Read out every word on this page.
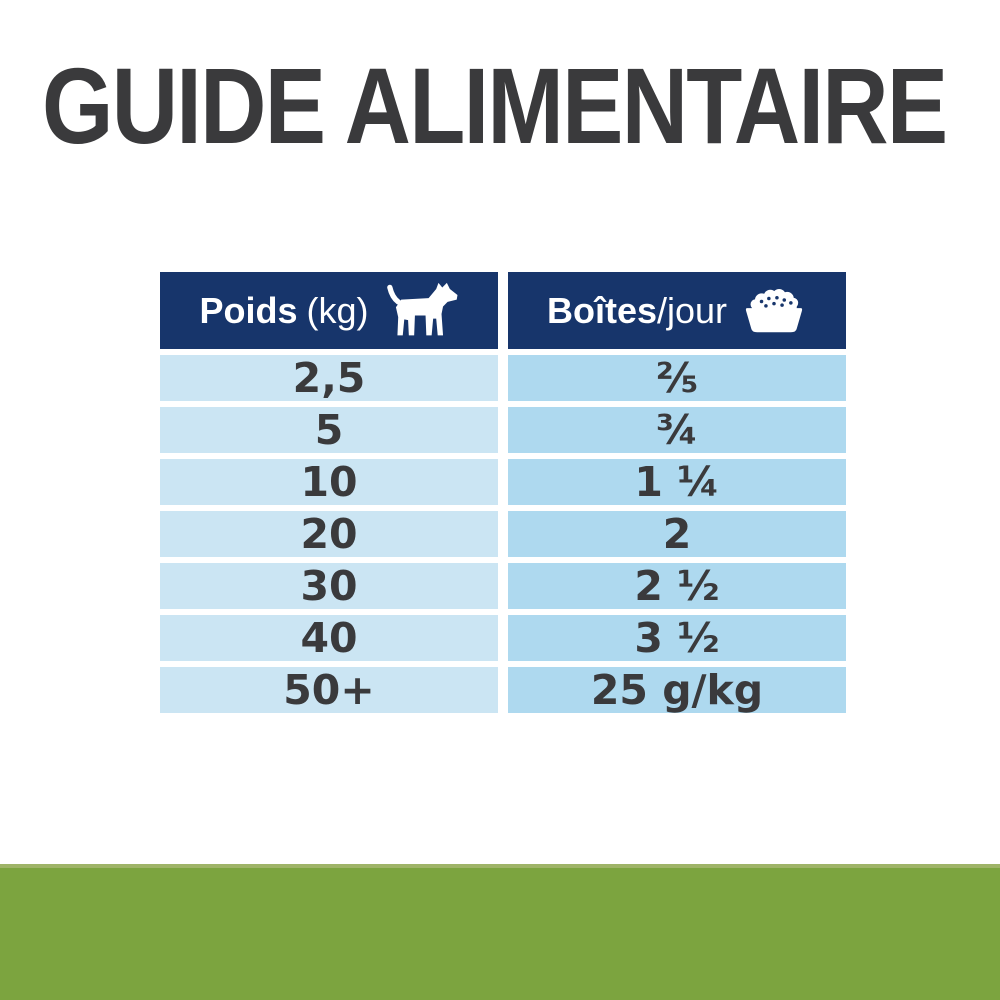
GUIDE ALIMENTAIRE
Poids (kg)	Boîtes/jour
2,5	⅖
5	¾
10	1 ¼
20	2
30	2 ½
40	3 ½
50+	25 g/kg
